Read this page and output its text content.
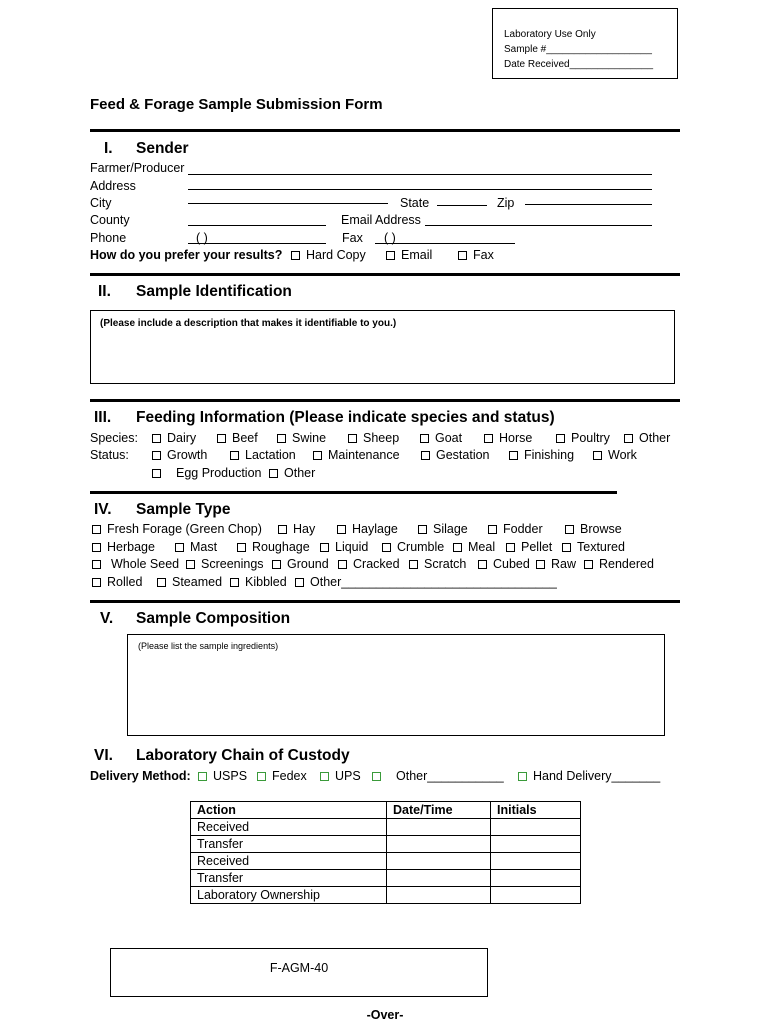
Laboratory Use Only
Sample #___________________
Date Received_______________
Feed & Forage Sample Submission Form
I. Sender
Farmer/Producer
Address
City	State	Zip
County	Email Address
Phone	( )	Fax ( )
How do you prefer your results?	Hard Copy	Email	Fax
II. Sample Identification
(Please include a description that makes it identifiable to you.)
III. Feeding Information (Please indicate species and status)
Species:	Dairy	Beef	Swine	Sheep	Goat	Horse	Poultry	Other
Status:	Growth	Lactation	Maintenance	Gestation	Finishing	Work
Egg Production	Other
IV. Sample Type
Fresh Forage (Green Chop)	Hay	Haylage	Silage	Fodder	Browse
Herbage	Mast	Roughage	Liquid	Crumble	Meal	Pellet	Textured
Whole Seed	Screenings	Ground	Cracked	Scratch	Cubed	Raw	Rendered
Rolled	Steamed	Kibbled	Other_______________________________
V. Sample Composition
(Please list the sample ingredients)
VI. Laboratory Chain of Custody
Delivery Method:	USPS	Fedex	UPS	Other___________	Hand Delivery_______
Action	Date/Time	Initials
Received		
Transfer		
Received		
Transfer		
Laboratory Ownership		
F-AGM-40
-Over-
